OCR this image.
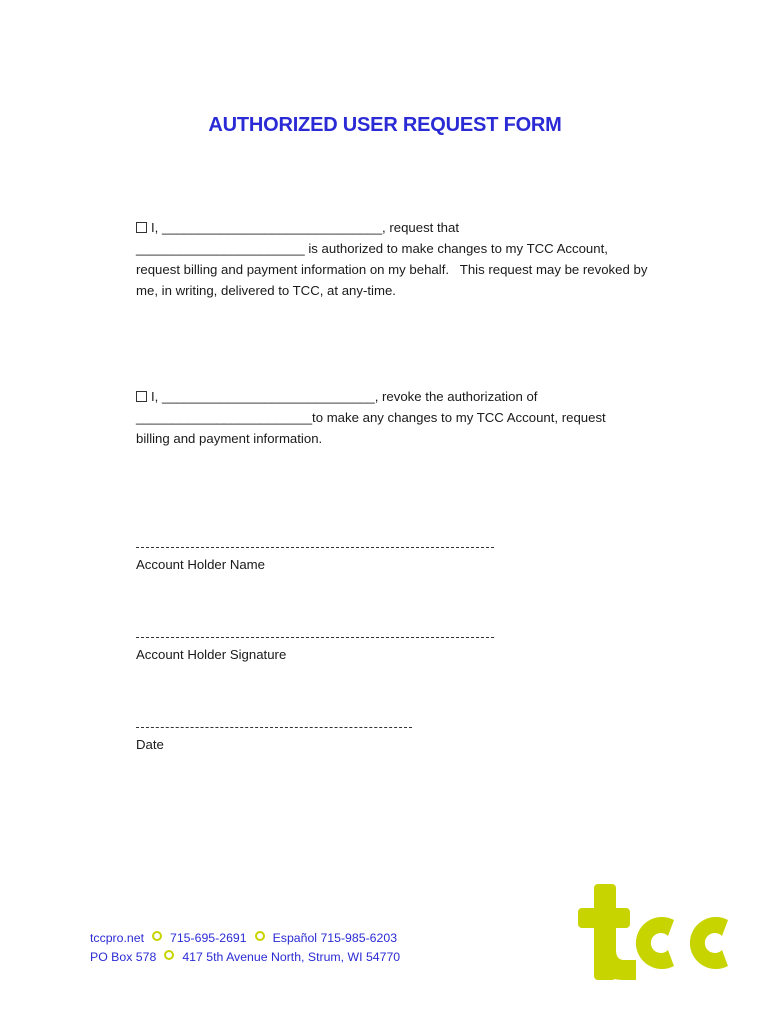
AUTHORIZED USER REQUEST FORM
I, ______________________________, request that
_______________________ is authorized to make changes to my TCC Account,
request billing and payment information on my behalf.   This request may be revoked by
me, in writing, delivered to TCC, at any-time.
I, _____________________________, revoke the authorization of
________________________to make any changes to my TCC Account, request
billing and payment information.
Account Holder Name
Account Holder Signature
Date
tccpro.net 715-695-2691 Español 715-985-6203
PO Box 578 417 5th Avenue North, Strum, WI 54770
